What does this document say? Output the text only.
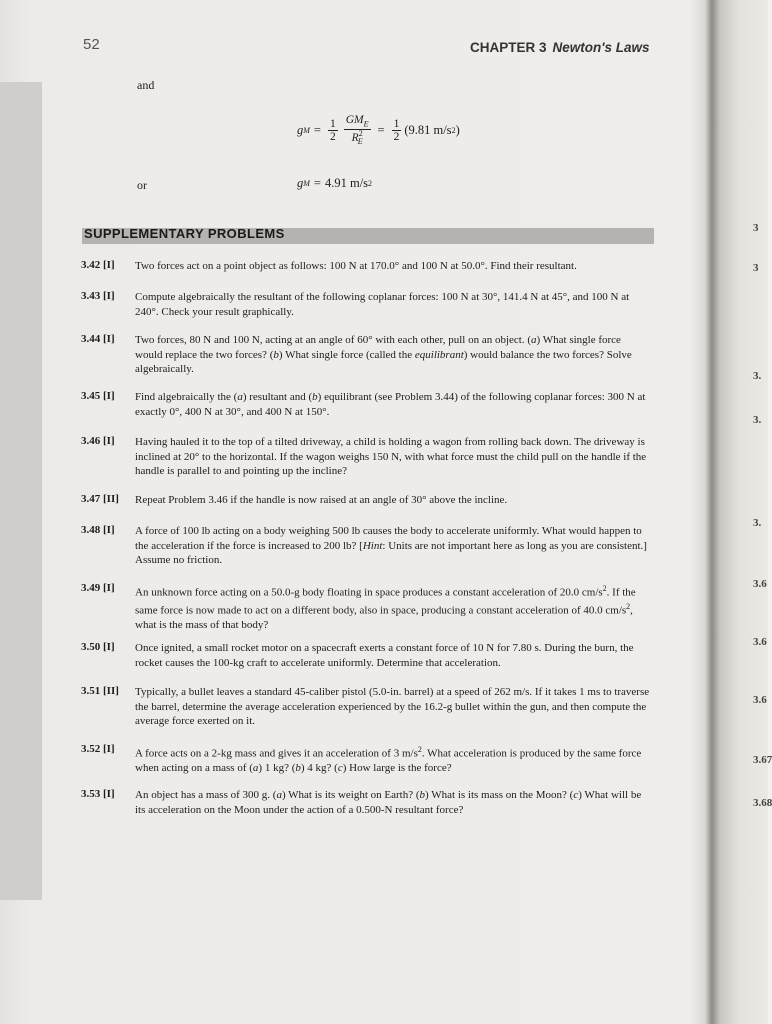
52	CHAPTER 3 Newton's Laws
and
or
g $M = \frac{1}{2} \frac{GM_E}{R^2_E} = \frac{1}{2} (9.81$ m/s 2 )
g M = 4.91 m/s 2
SUPPLEMENTARY PROBLEMS
3.42 [I]	Two forces act on a point object as follows: 100 N at 170.0° and 100 N at 50.0°. Find their resultant.
3.43 [I]	Compute algebraically the resultant of the following coplanar forces: 100 N at 30°, 141.4 N at 45°, and 100 N at 240°. Check your result graphically.
3.44 [I]	Two forces, 80 N and 100 N, acting at an angle of 60° with each other, pull on an object. (a) What single force would replace the two forces? (b) What single force (called the equilibrant) would balance the two forces? Solve algebraically.
3.45 [I]	Find algebraically the (a) resultant and (b) equilibrant (see Problem 3.44) of the following coplanar forces: 300 N at exactly 0°, 400 N at 30°, and 400 N at 150°.
3.46 [I]	Having hauled it to the top of a tilted driveway, a child is holding a wagon from rolling back down. The driveway is inclined at 20° to the horizontal. If the wagon weighs 150 N, with what force must the child pull on the handle if the handle is parallel to and pointing up the incline?
3.47 [II]	Repeat Problem 3.46 if the handle is now raised at an angle of 30° above the incline.
3.48 [I]	A force of 100 lb acting on a body weighing 500 lb causes the body to accelerate uniformly. What would happen to the acceleration if the force is increased to 200 lb? [Hint: Units are not important here as long as you are consistent.] Assume no friction.
3.49 [I]	An unknown force acting on a 50.0-g body floating in space produces a constant acceleration of 20.0 $cm/s^2$. If the same force is now made to act on a different body, also in space, producing a constant acceleration of 40.0 $cm/s^2$, what is the mass of that body?
3.50 [I]	Once ignited, a small rocket motor on a spacecraft exerts a constant force of 10 N for 7.80 s. During the burn, the rocket causes the 100-kg craft to accelerate uniformly. Determine that acceleration.
3.51 [II]	Typically, a bullet leaves a standard 45-caliber pistol (5.0-in. barrel) at a speed of 262 m/s. If it takes 1 ms to traverse the barrel, determine the average acceleration experienced by the 16.2-g bullet within the gun, and then compute the average force exerted on it.
3.52 [I]	A force acts on a 2-kg mass and gives it an acceleration of 3 $m/s^2$. What acceleration is produced by the same force when acting on a mass of (a) 1 kg? (b) 4 kg? (c) How large is the force?
3.53 [I]	An object has a mass of 300 g. (a) What is its weight on Earth? (b) What is its mass on the Moon? (c) What will be its acceleration on the Moon under the action of a 0.500-N resultant force?
3
3
3.
3.
3.
3.6
3.6
3.6
3.67
3.68
